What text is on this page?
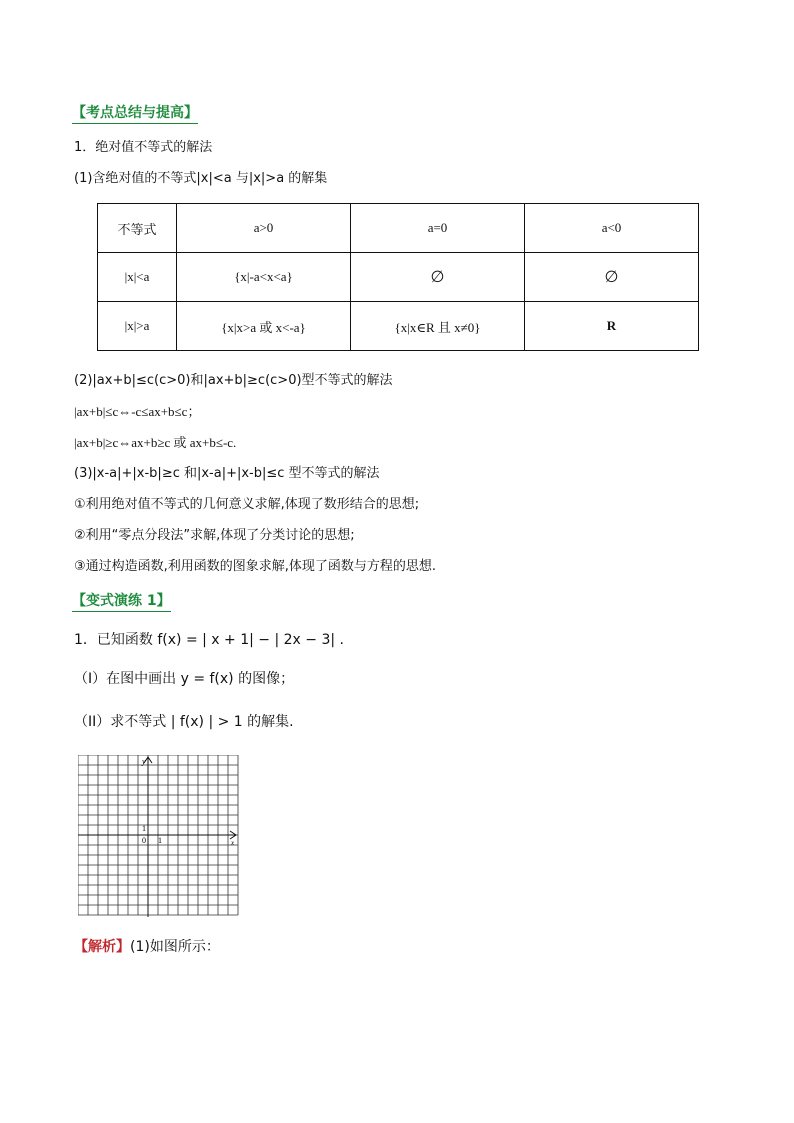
【考点总结与提高】
1．绝对值不等式的解法
(1)含绝对值的不等式|x|<a 与|x|>a 的解集
不等式	a>0	a=0	a<0
|x|<a	{x|-a<x<a}	∅	∅
|x|>a	{x|x>a 或 x<-a}	{x|x∈R 且 x≠0}	R
(2)|ax+b|≤c(c>0)和|ax+b|≥c(c>0)型不等式的解法
|ax+b|≤c⇔-c≤ax+b≤c；
|ax+b|≥c⇔ax+b≥c 或 ax+b≤-c.
(3)|x-a|+|x-b|≥c 和|x-a|+|x-b|≤c 型不等式的解法
①利用绝对值不等式的几何意义求解,体现了数形结合的思想;
②利用“零点分段法”求解,体现了分类讨论的思想;
③通过构造函数,利用函数的图象求解,体现了函数与方程的思想.
【变式演练 1】
1．已知函数 f(x) = | x + 1| − | 2x − 3| .
（I）在图中画出 y = f(x) 的图像；
（II）求不等式 | f(x) | > 1 的解集.
y
x
1
0 1
【解析】(1)如图所示：
